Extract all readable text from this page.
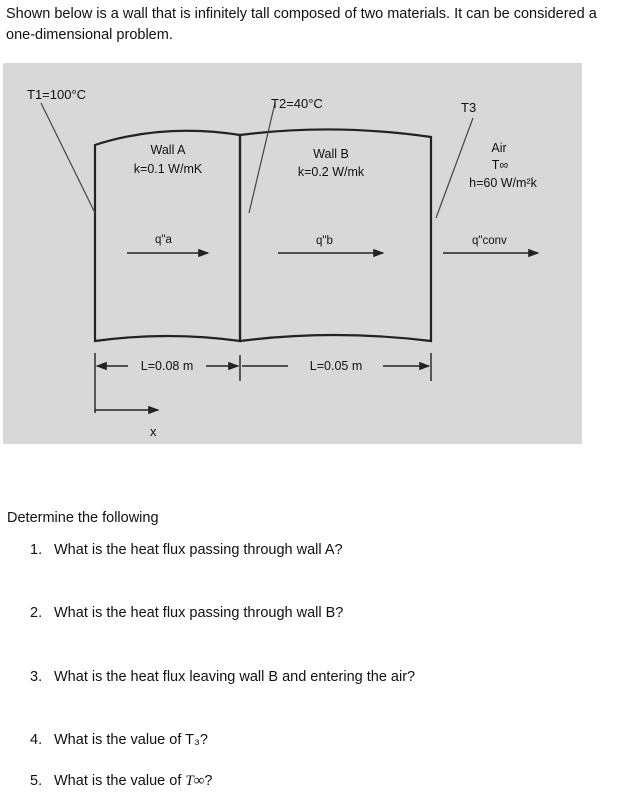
Shown below is a wall that is infinitely tall composed of two materials. It can be considered a one-dimensional problem.
T1=100°C
T2=40°C	T3
Wall A
k=0.1 W/mK
Wall B
k=0.2 W/mk
Air
T∞
h=60 W/m²k
q"a	q"b	q"conv
L=0.08 m	L=0.05 m
x
Determine the following
1. What is the heat flux passing through wall A?
2. What is the heat flux passing through wall B?
3. What is the heat flux leaving wall B and entering the air?
4. What is the value of T₃?
5. What is the value of T∞?
